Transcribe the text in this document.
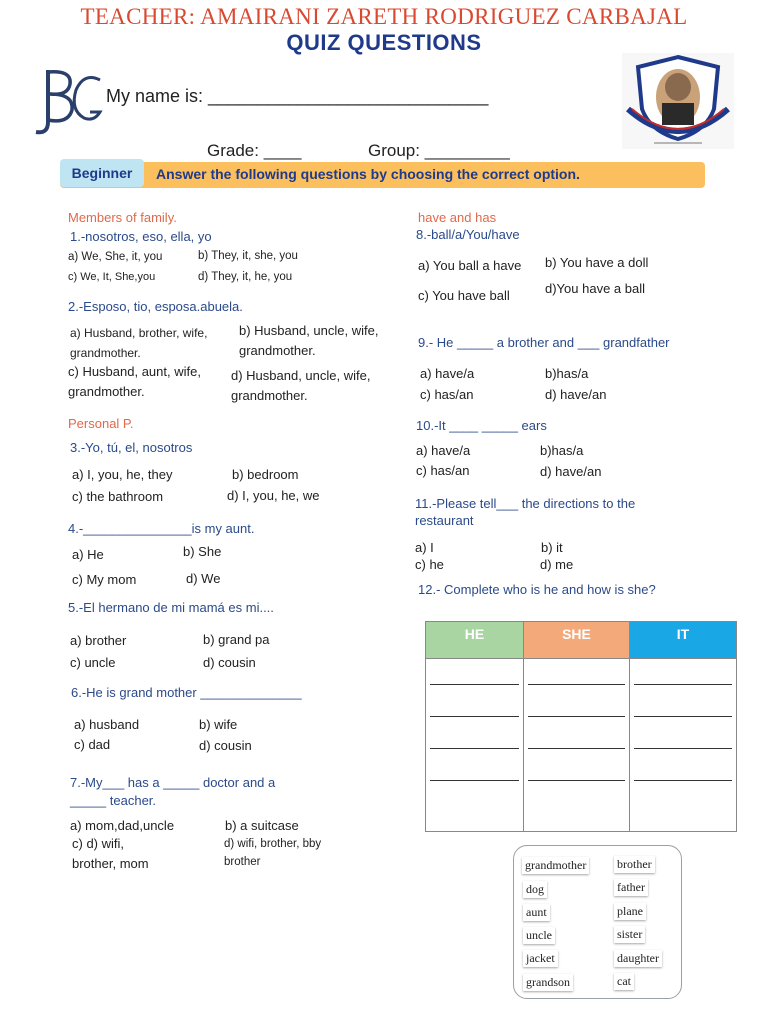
TEACHER: AMAIRANI ZARETH RODRIGUEZ CARBAJAL
QUIZ QUESTIONS
My name is: ____________________________
Grade: ____	Group: _________
Beginner	Answer the following questions by choosing the correct option.
Members of family.
1.-nosotros, eso, ella, yo
a) We, She, it, you	b) They, it, she, you
c) We, It, She,you	d) They, it, he, you
2.-Esposo, tio, esposa.abuela.
a) Husband, brother, wife, grandmother.
b) Husband, uncle, wife, grandmother.
c) Husband, aunt, wife, grandmother.
d) Husband, uncle, wife, grandmother.
Personal P.
3.-Yo, tú, el, nosotros
a) I, you, he, they	b) bedroom
c) the bathroom	d) I, you, he, we
4.-_______________is my aunt.
a) He	b) She
c) My mom	d) We
5.-El hermano de mi mamá es mi....
a) brother	b) grand pa
c) uncle	d) cousin
6.-He is grand mother ______________
a) husband	b) wife
c) dad	d) cousin
7.-My___ has a _____ doctor and a _____ teacher.
a) mom,dad,uncle	b) a suitcase
c) d) wifi, brother, mom
d) wifi, brother, bby brother
have and has
8.-ball/a/You/have
a) You ball a have b) You have a doll
c) You have ball	d)You have a ball
9.- He _____ a brother and ___ grandfather
a) have/a	b)has/a
c) has/an	d) have/an
10.-It ____ _____ ears
a) have/a	b)has/a
c) has/an	d) have/an
11.-Please tell___ the directions to the restaurant
a) I	b) it
c) he	d) me
12.- Complete who is he and how is she?
HE	SHE	IT

grandmother	brother
dog	father
aunt	plane
uncle	sister
jacket	daughter
grandson	cat
